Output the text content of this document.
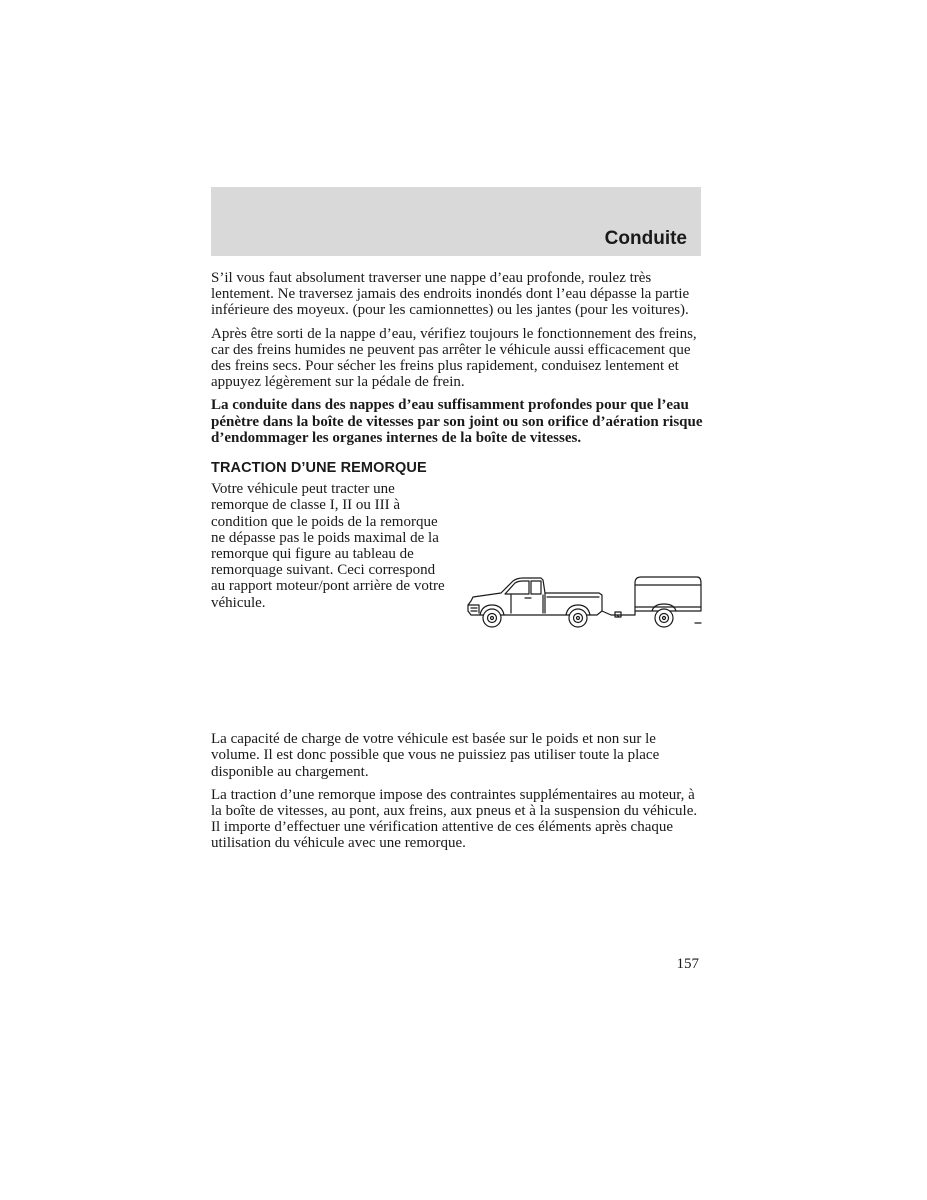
Conduite

S’il vous faut absolument traverser une nappe d’eau profonde, roulez très lentement. Ne traversez jamais des endroits inondés dont l’eau dépasse la partie inférieure des moyeux. (pour les camionnettes) ou les jantes (pour les voitures).

Après être sorti de la nappe d’eau, vérifiez toujours le fonctionnement des freins, car des freins humides ne peuvent pas arrêter le véhicule aussi efficacement que des freins secs. Pour sécher les freins plus rapidement, conduisez lentement et appuyez légèrement sur la pédale de frein.

La conduite dans des nappes d’eau suffisamment profondes pour que l’eau pénètre dans la boîte de vitesses par son joint ou son orifice d’aération risque d’endommager les organes internes de la boîte de vitesses.

TRACTION D’UNE REMORQUE

Votre véhicule peut tracter une remorque de classe I, II ou III à condition que le poids de la remorque ne dépasse pas le poids maximal de la remorque qui figure au tableau de remorquage suivant. Ceci correspond au rapport moteur/pont arrière de votre véhicule.

La capacité de charge de votre véhicule est basée sur le poids et non sur le volume. Il est donc possible que vous ne puissiez pas utiliser toute la place disponible au chargement.

La traction d’une remorque impose des contraintes supplémentaires au moteur, à la boîte de vitesses, au pont, aux freins, aux pneus et à la suspension du véhicule. Il importe d’effectuer une vérification attentive de ces éléments après chaque utilisation du véhicule avec une remorque.

157
